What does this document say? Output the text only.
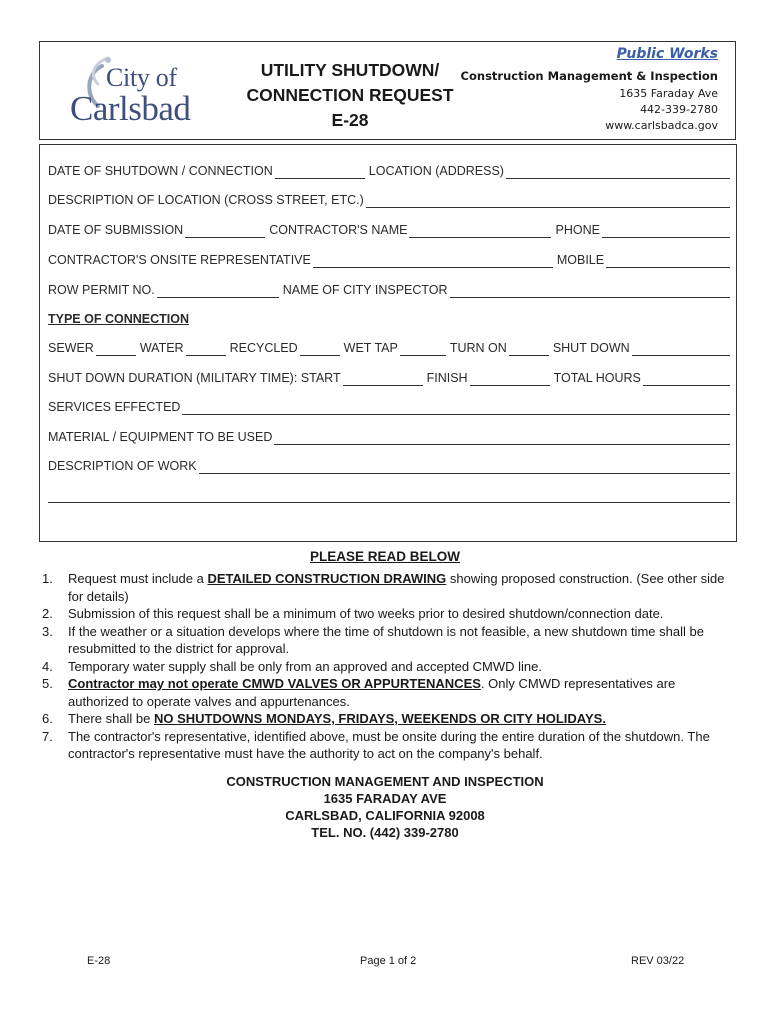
City of
Carlsbad
UTILITY SHUTDOWN/
CONNECTION REQUEST
E-28
Public Works
Construction Management & Inspection
1635 Faraday Ave
442-339-2780
www.carlsbadca.gov
DATE OF SHUTDOWN / CONNECTION	LOCATION (ADDRESS)
DESCRIPTION OF LOCATION (CROSS STREET, ETC.)
DATE OF SUBMISSION	CONTRACTOR'S NAME	PHONE
CONTRACTOR'S ONSITE REPRESENTATIVE	MOBILE
ROW PERMIT NO.	NAME OF CITY INSPECTOR
TYPE OF CONNECTION
SEWER	WATER	RECYCLED	WET TAP	TURN ON	SHUT DOWN
SHUT DOWN DURATION (MILITARY TIME): START	FINISH	TOTAL HOURS
SERVICES EFFECTED
MATERIAL / EQUIPMENT TO BE USED
DESCRIPTION OF WORK
PLEASE READ BELOW
1.	Request must include a DETAILED CONSTRUCTION DRAWING showing proposed construction. (See other side for details)
2.	Submission of this request shall be a minimum of two weeks prior to desired shutdown/connection date.
3.	If the weather or a situation develops where the time of shutdown is not feasible, a new shutdown time shall be resubmitted to the district for approval.
4.	Temporary water supply shall be only from an approved and accepted CMWD line.
5.	Contractor may not operate CMWD VALVES OR APPURTENANCES. Only CMWD representatives are authorized to operate valves and appurtenances.
6.	There shall be NO SHUTDOWNS MONDAYS, FRIDAYS, WEEKENDS OR CITY HOLIDAYS.
7.	The contractor's representative, identified above, must be onsite during the entire duration of the shutdown. The contractor's representative must have the authority to act on the company's behalf.
CONSTRUCTION MANAGEMENT AND INSPECTION
1635 FARADAY AVE
CARLSBAD, CALIFORNIA 92008
TEL. NO. (442) 339-2780
E-28	Page 1 of 2	REV 03/22
